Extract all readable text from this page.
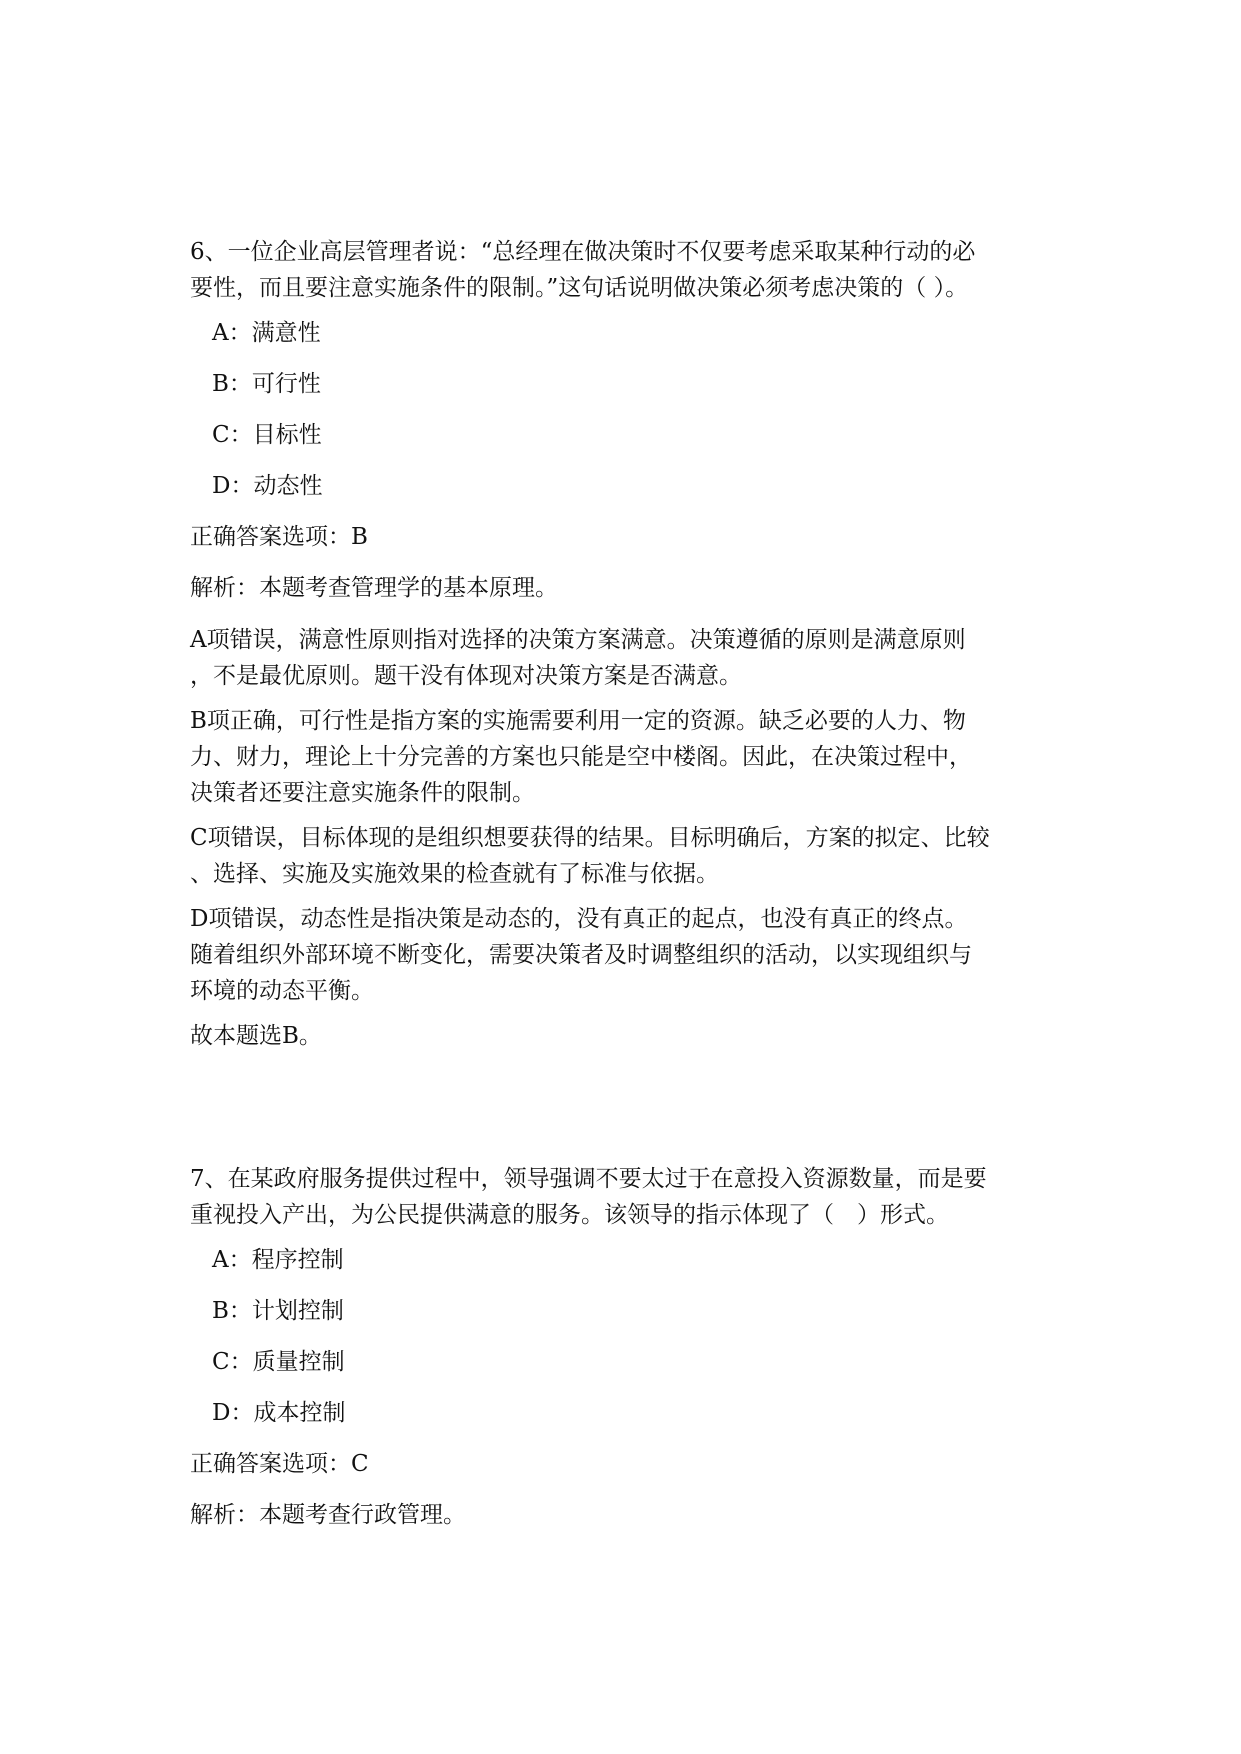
6、一位企业高层管理者说：“总经理在做决策时不仅要考虑采取某种行动的必
要性，而且要注意实施条件的限制。”这句话说明做决策必须考虑决策的（ ）。
A：满意性
B：可行性
C：目标性
D：动态性
正确答案选项：B
解析：本题考查管理学的基本原理。
A项错误，满意性原则指对选择的决策方案满意。决策遵循的原则是满意原则
，不是最优原则。题干没有体现对决策方案是否满意。
B项正确，可行性是指方案的实施需要利用一定的资源。缺乏必要的人力、物
力、财力，理论上十分完善的方案也只能是空中楼阁。因此，在决策过程中，
决策者还要注意实施条件的限制。
C项错误，目标体现的是组织想要获得的结果。目标明确后，方案的拟定、比较
、选择、实施及实施效果的检查就有了标准与依据。
D项错误，动态性是指决策是动态的，没有真正的起点，也没有真正的终点。
随着组织外部环境不断变化，需要决策者及时调整组织的活动，以实现组织与
环境的动态平衡。
故本题选B。
7、在某政府服务提供过程中，领导强调不要太过于在意投入资源数量，而是要
重视投入产出，为公民提供满意的服务。该领导的指示体现了（　）形式。
A：程序控制
B：计划控制
C：质量控制
D：成本控制
正确答案选项：C
解析：本题考查行政管理。
